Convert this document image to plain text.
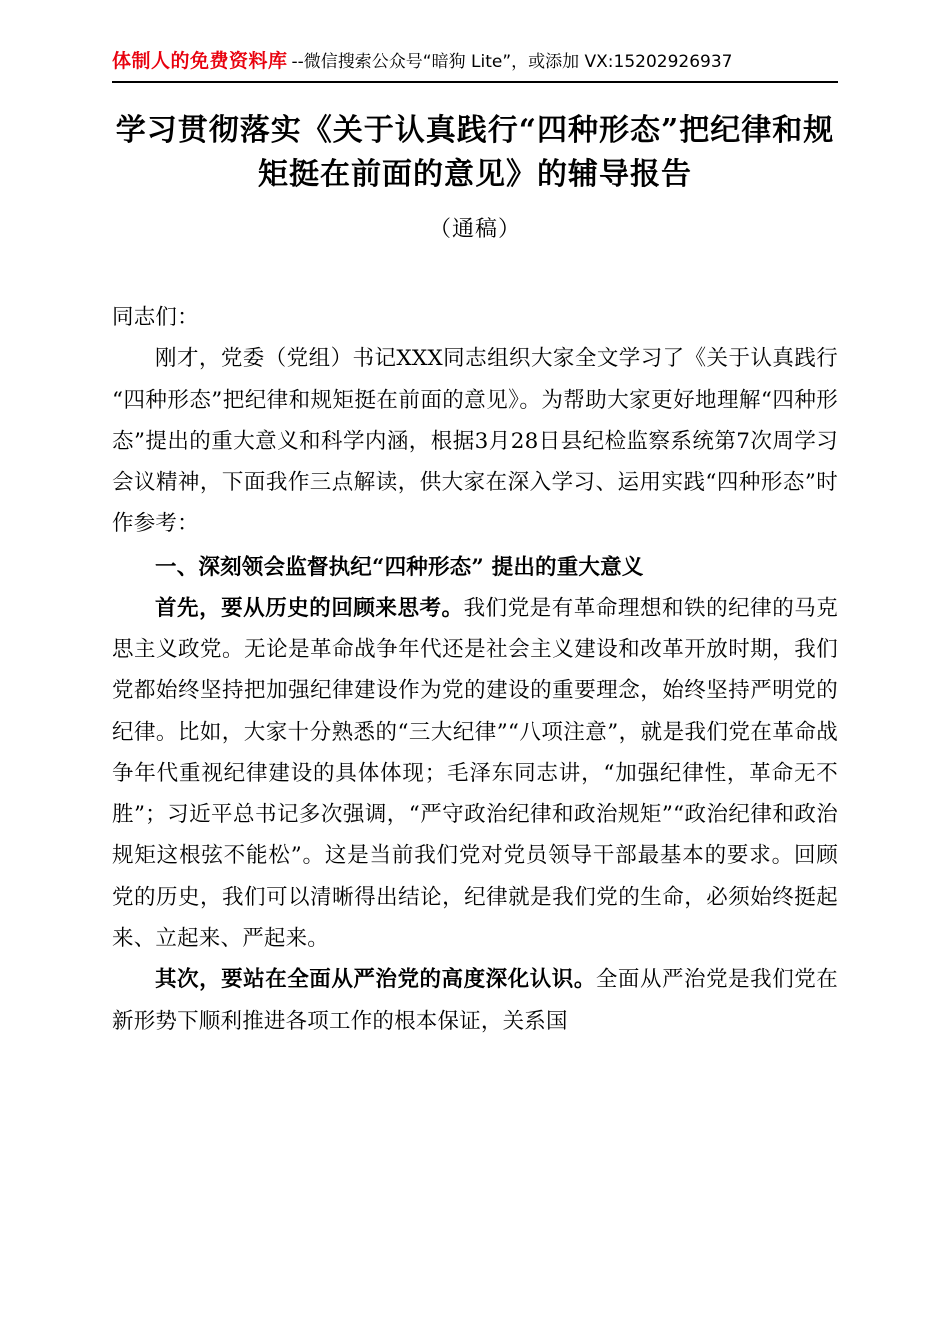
体制人的免费资料库 --微信搜索公众号“暗狗 Lite”，或添加 VX:15202926937
学习贯彻落实《关于认真践行“四种形态”把纪律和规矩挺在前面的意见》的辅导报告
（通稿）

同志们：

刚才，党委（党组）书记XXX同志组织大家全文学习了《关于认真践行“四种形态”把纪律和规矩挺在前面的意见》。为帮助大家更好地理解“四种形态”提出的重大意义和科学内涵，根据3月28日县纪检监察系统第7次周学习会议精神，下面我作三点解读，供大家在深入学习、运用实践“四种形态”时作参考：

一、深刻领会监督执纪“四种形态” 提出的重大意义

首先，要从历史的回顾来思考。我们党是有革命理想和铁的纪律的马克思主义政党。无论是革命战争年代还是社会主义建设和改革开放时期，我们党都始终坚持把加强纪律建设作为党的建设的重要理念，始终坚持严明党的纪律。比如，大家十分熟悉的“三大纪律”“八项注意”，就是我们党在革命战争年代重视纪律建设的具体体现；毛泽东同志讲，“加强纪律性，革命无不胜”；习近平总书记多次强调，“严守政治纪律和政治规矩”“政治纪律和政治规矩这根弦不能松”。这是当前我们党对党员领导干部最基本的要求。回顾党的历史，我们可以清晰得出结论，纪律就是我们党的生命，必须始终挺起来、立起来、严起来。

其次，要站在全面从严治党的高度深化认识。全面从严治党是我们党在新形势下顺利推进各项工作的根本保证，关系国
